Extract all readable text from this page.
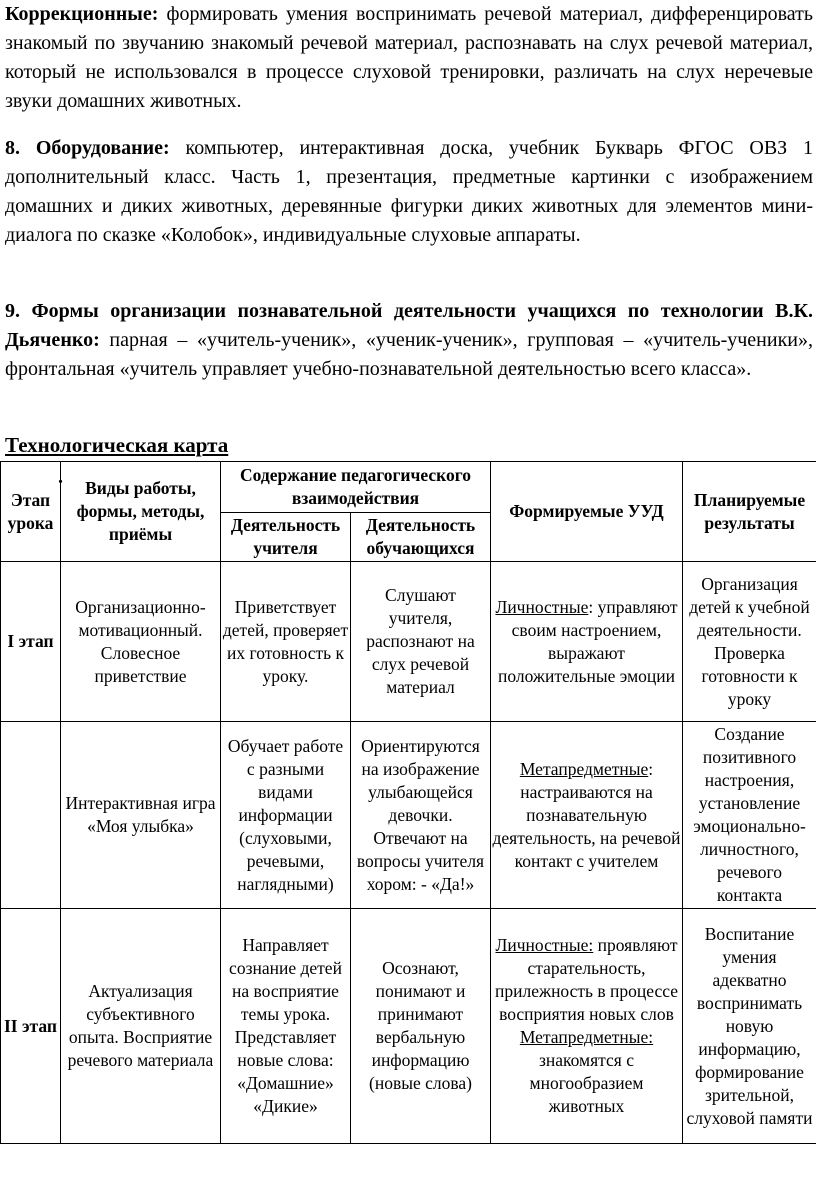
Коррекционные: формировать умения воспринимать речевой материал, дифференцировать знакомый по звучанию знакомый речевой материал, распознавать на слух речевой материал, который не использовался в процессе слуховой тренировки, различать на слух неречевые звуки домашних животных.

8. Оборудование: компьютер, интерактивная доска, учебник Букварь ФГОС ОВЗ 1 дополнительный класс. Часть 1, презентация, предметные картинки с изображением домашних и диких животных, деревянные фигурки диких животных для элементов мини-диалога по сказке «Колобок», индивидуальные слуховые аппараты.

9. Формы организации познавательной деятельности учащихся по технологии В.К. Дьяченко: парная – «учитель-ученик», «ученик-ученик», групповая – «учитель-ученики», фронтальная «учитель управляет учебно-познавательной деятельностью всего класса».

Технологическая карта
Этап урока	Виды работы, формы, методы, приёмы	Содержание педагогического взаимодействия		Формируемые УУД	Планируемые результаты
		Деятельность учителя	Деятельность обучающихся		
I этап	Организационно-мотивационный. Словесное приветствие	Приветствует детей, проверяет их готовность к уроку.	Слушают учителя, распознают на слух речевой материал	Личностные: управляют своим настроением, выражают положительные эмоции	Организация детей к учебной деятельности. Проверка готовности к уроку
	Интерактивная игра «Моя улыбка»	Обучает работе с разными видами информации (слуховыми, речевыми, наглядными)	Ориентируются на изображение улыбающейся девочки. Отвечают на вопросы учителя хором: - «Да!»	Метапредметные: настраиваются на познавательную деятельность, на речевой контакт с учителем	Создание позитивного настроения, установление эмоционально-личностного, речевого контакта
II этап	Актуализация субъективного опыта. Восприятие речевого материала	Направляет сознание детей на восприятие темы урока. Представляет новые слова: «Домашние» «Дикие»	Осознают, понимают и принимают вербальную информацию (новые слова)	Личностные: проявляют старательность, прилежность в процессе восприятия новых слов Метапредметные: знакомятся с многообразием животных	Воспитание умения адекватно воспринимать новую информацию, формирование зрительной, слуховой памяти
.
